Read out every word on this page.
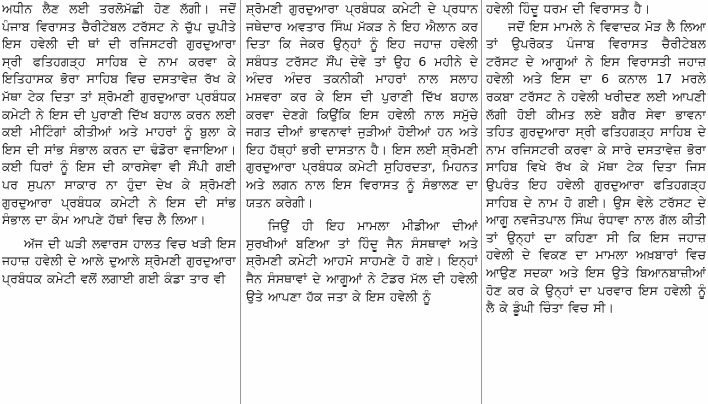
ਅਧੀਨ ਲੈਣ ਲਈ ਤਰਲੋਮੱਛੀ ਹੋਣ ਲੱਗੀ। ਜਦੋਂ ਪੰਜਾਬ ਵਿਰਾਸਤ ਚੈਰੀਟੇਬਲ ਟਰੱਸਟ ਨੇ ਚੁੱਪ ਚੁਪੀਤੇ ਇਸ ਹਵੇਲੀ ਦੀ ਥਾਂ ਦੀ ਰਜਿਸਟਰੀ ਗੁਰਦੁਆਰਾ ਸ੍ਰੀ ਫਤਿਹਗੜ੍ਹ ਸਾਹਿਬ ਦੇ ਨਾਮ ਕਰਵਾ ਕੇ ਇਤਿਹਾਸਕ ਭੋਰਾ ਸਾਹਿਬ ਵਿਚ ਦਸਤਾਵੇਜ਼ ਰੱਖ ਕੇ ਮੱਥਾ ਟੇਕ ਦਿਤਾ ਤਾਂ ਸ਼੍ਰੋਮਣੀ ਗੁਰਦੁਆਰਾ ਪ੍ਰਬੰਧਕ ਕਮੇਟੀ ਨੇ ਇਸ ਦੀ ਪੁਰਾਣੀ ਦਿੱਖ ਬਹਾਲ ਕਰਨ ਲਈ ਕਈ ਮੀਟਿੰਗਾਂ ਕੀਤੀਆਂ ਅਤੇ ਮਾਹਰਾਂ ਨੂੰ ਬੁਲਾ ਕੇ ਇਸ ਦੀ ਸਾਂਭ ਸੰਭਾਲ ਕਰਨ ਦਾ ਢੰਡੋਰਾ ਵਜਾਇਆ। ਕਈ ਧਿਰਾਂ ਨੂੰ ਇਸ ਦੀ ਕਾਰਸੇਵਾ ਵੀ ਸੌਂਪੀ ਗਈ ਪਰ ਸੁਪਨਾ ਸਾਕਾਰ ਨਾ ਹੁੰਦਾ ਦੇਖ ਕੇ ਸ਼੍ਰੋਮਣੀ ਗੁਰਦੁਆਰਾ ਪ੍ਰਬੰਧਕ ਕਮੇਟੀ ਨੇ ਇਸ ਦੀ ਸਾਂਭ ਸੰਭਾਲ ਦਾ ਕੰਮ ਆਪਣੇ ਹੱਥਾਂ ਵਿਚ ਲੈ ਲਿਆ।

ਅੱਜ ਦੀ ਘੜੀ ਲਵਾਰਸ ਹਾਲਤ ਵਿਚ ਖੜੀ ਇਸ ਜਹਾਜ਼ ਹਵੇਲੀ ਦੇ ਆਲੇ ਦੁਆਲੇ ਸ਼੍ਰੋਮਣੀ ਗੁਰਦੁਆਰਾ ਪ੍ਰਬੰਧਕ ਕਮੇਟੀ ਵਲੋਂ ਲਗਾਈ ਗਈ ਕੰਡਾ ਤਾਰ ਵੀ

ਸ਼੍ਰੋਮਣੀ ਗੁਰਦੁਆਰਾ ਪ੍ਰਬੰਧਕ ਕਮੇਟੀ ਦੇ ਪ੍ਰਧਾਨ ਜਥੇਦਾਰ ਅਵਤਾਰ ਸਿੰਘ ਮੱਕੜ ਨੇ ਇਹ ਐਲਾਨ ਕਰ ਦਿਤਾ ਕਿ ਜੇਕਰ ਉਨ੍ਹਾਂ ਨੂੰ ਇਹ ਜਹਾਜ਼ ਹਵੇਲੀ ਸਬੰਧਤ ਟਰੱਸਟ ਸੌਂਪ ਦੇਵੇ ਤਾਂ ਉਹ 6 ਮਹੀਨੇ ਦੇ ਅੰਦਰ ਅੰਦਰ ਤਕਨੀਕੀ ਮਾਹਰਾਂ ਨਾਲ ਸਲਾਹ ਮਸ਼ਵਰਾ ਕਰ ਕੇ ਇਸ ਦੀ ਪੁਰਾਣੀ ਦਿੱਖ ਬਹਾਲ ਕਰਵਾ ਦੇਣਗੇ ਕਿਉਂਕਿ ਇਸ ਹਵੇਲੀ ਨਾਲ ਸਮੁੱਚੇ ਜਗਤ ਦੀਆਂ ਭਾਵਨਾਵਾਂ ਜੁੜੀਆਂ ਹੋਈਆਂ ਹਨ ਅਤੇ ਇਹ ਹੱਥ੍ਹਾਂ ਭਰੀ ਦਾਸਤਾਨ ਹੈ। ਇਸ ਲਈ ਸ਼੍ਰੋਮਣੀ ਗੁਰਦੁਆਰਾ ਪ੍ਰਬੰਧਕ ਕਮੇਟੀ ਸੁਹਿਰਦਤਾ, ਮਿਹਨਤ ਅਤੇ ਲਗਨ ਨਾਲ ਇਸ ਵਿਰਾਸਤ ਨੂੰ ਸੰਭਾਲਣ ਦਾ ਯਤਨ ਕਰੇਗੀ।

ਜਿਉਂ ਹੀ ਇਹ ਮਾਮਲਾ ਮੀਡੀਆ ਦੀਆਂ ਸੁਰਖੀਆਂ ਬਣਿਆ ਤਾਂ ਹਿੰਦੂ ਜੈਨ ਸੰਸਥਾਵਾਂ ਅਤੇ ਸ਼੍ਰੋਮਣੀ ਕਮੇਟੀ ਆਹਮੋ ਸਾਹਮਣੇ ਹੋ ਗਏ। ਇਨ੍ਹਾਂ ਜੈਨ ਸੰਸਥਾਵਾਂ ਦੇ ਆਗੂਆਂ ਨੇ ਟੋਡਰ ਮੱਲ ਦੀ ਹਵੇਲੀ ਉਤੇ ਆਪਣਾ ਹੱਕ ਜਤਾ ਕੇ ਇਸ ਹਵੇਲੀ ਨੂੰ

ਹਵੇਲੀ ਹਿੰਦੂ ਧਰਮ ਦੀ ਵਿਰਾਸਤ ਹੈ।

ਜਦੋਂ ਇਸ ਮਾਮਲੇ ਨੇ ਵਿਵਾਦਕ ਮੋੜ ਲੈ ਲਿਆ ਤਾਂ ਉਪਰੋਕਤ ਪੰਜਾਬ ਵਿਰਾਸਤ ਚੈਰੀਟੇਬਲ ਟਰੱਸਟ ਦੇ ਆਗੂਆਂ ਨੇ ਇਸ ਵਿਰਾਸਤੀ ਜਹਾਜ਼ ਹਵੇਲੀ ਅਤੇ ਇਸ ਦਾ 6 ਕਨਾਲ 17 ਮਰਲੇ ਰਕਬਾ ਟਰੱਸਟ ਨੇ ਹਵੇਲੀ ਖਰੀਦਣ ਲਈ ਆਪਣੀ ਲੱਗੀ ਹੋਈ ਕੀਮਤ ਲਏ ਬਗੈਰ ਸੇਵਾ ਭਾਵਨਾ ਤਹਿਤ ਗੁਰਦੁਆਰਾ ਸ੍ਰੀ ਫਤਿਹਗੜ੍ਹ ਸਾਹਿਬ ਦੇ ਨਾਮ ਰਜਿਸਟਰੀ ਕਰਵਾ ਕੇ ਸਾਰੇ ਦਸਤਾਵੇਜ਼ ਭੋਰਾ ਸਾਹਿਬ ਵਿਖੇ ਰੱਖ ਕੇ ਮੱਥਾ ਟੇਕ ਦਿਤਾ ਜਿਸ ਉਪਰੰਤ ਇਹ ਹਵੇਲੀ ਗੁਰਦੁਆਰਾ ਫਤਿਹਗੜ੍ਹ ਸਾਹਿਬ ਦੇ ਨਾਮ ਹੋ ਗਈ। ਉਸ ਵੇਲੇ ਟਰੱਸਟ ਦੇ ਆਗੂ ਨਵਜੋਤਪਾਲ ਸਿੰਘ ਰੰਧਾਵਾ ਨਾਲ ਗੱਲ ਕੀਤੀ ਤਾਂ ਉਨ੍ਹਾਂ ਦਾ ਕਹਿਣਾ ਸੀ ਕਿ ਇਸ ਜਹਾਜ਼ ਹਵੇਲੀ ਦੇ ਵਿਕਣ ਦਾ ਮਾਮਲਾ ਅਖ਼ਬਾਰਾਂ ਵਿਚ ਆਉਣ ਸਦਕਾ ਅਤੇ ਇਸ ਉਤੇ ਬਿਆਨਬਾਜ਼ੀਆਂ ਹੋਣ ਕਰ ਕੇ ਉਨ੍ਹਾਂ ਦਾ ਪਰਵਾਰ ਇਸ ਹਵੇਲੀ ਨੂੰ ਲੈ ਕੇ ਡੂੰਘੀ ਚਿੰਤਾ ਵਿਚ ਸੀ।
